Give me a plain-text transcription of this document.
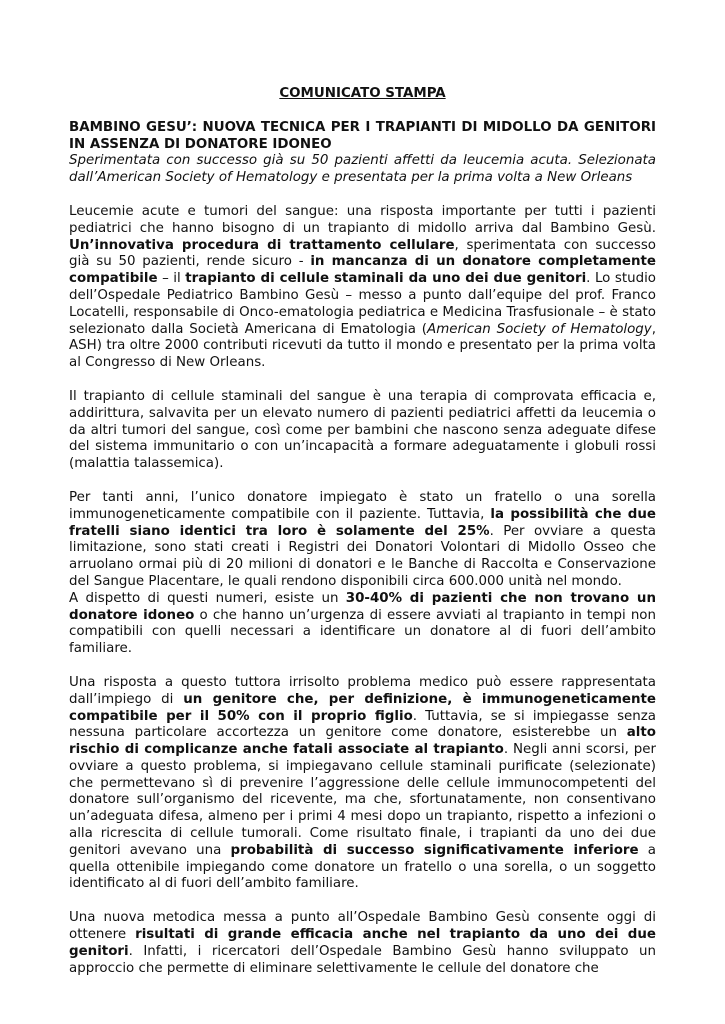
COMUNICATO STAMPA
BAMBINO GESU’: NUOVA TECNICA PER I TRAPIANTI DI MIDOLLO DA GENITORI IN ASSENZA DI DONATORE IDONEO
Sperimentata con successo già su 50 pazienti affetti da leucemia acuta. Selezionata dall’American Society of Hematology e presentata per la prima volta a New Orleans

Leucemie acute e tumori del sangue: una risposta importante per tutti i pazienti pediatrici che hanno bisogno di un trapianto di midollo arriva dal Bambino Gesù. Un’innovativa procedura di trattamento cellulare, sperimentata con successo già su 50 pazienti, rende sicuro - in mancanza di un donatore completamente compatibile – il trapianto di cellule staminali da uno dei due genitori. Lo studio dell’Ospedale Pediatrico Bambino Gesù – messo a punto dall’equipe del prof. Franco Locatelli, responsabile di Onco-ematologia pediatrica e Medicina Trasfusionale – è stato selezionato dalla Società Americana di Ematologia (American Society of Hematology, ASH) tra oltre 2000 contributi ricevuti da tutto il mondo e presentato per la prima volta al Congresso di New Orleans.

Il trapianto di cellule staminali del sangue è una terapia di comprovata efficacia e, addirittura, salvavita per un elevato numero di pazienti pediatrici affetti da leucemia o da altri tumori del sangue, così come per bambini che nascono senza adeguate difese del sistema immunitario o con un’incapacità a formare adeguatamente i globuli rossi (malattia talassemica).

Per tanti anni, l’unico donatore impiegato è stato un fratello o una sorella immunogeneticamente compatibile con il paziente. Tuttavia, la possibilità che due fratelli siano identici tra loro è solamente del 25%. Per ovviare a questa limitazione, sono stati creati i Registri dei Donatori Volontari di Midollo Osseo che arruolano ormai più di 20 milioni di donatori e le Banche di Raccolta e Conservazione del Sangue Placentare, le quali rendono disponibili circa 600.000 unità nel mondo.

A dispetto di questi numeri, esiste un 30-40% di pazienti che non trovano un donatore idoneo o che hanno un’urgenza di essere avviati al trapianto in tempi non compatibili con quelli necessari a identificare un donatore al di fuori dell’ambito familiare.

Una risposta a questo tuttora irrisolto problema medico può essere rappresentata dall’impiego di un genitore che, per definizione, è immunogeneticamente compatibile per il 50% con il proprio figlio. Tuttavia, se si impiegasse senza nessuna particolare accortezza un genitore come donatore, esisterebbe un alto rischio di complicanze anche fatali associate al trapianto. Negli anni scorsi, per ovviare a questo problema, si impiegavano cellule staminali purificate (selezionate) che permettevano sì di prevenire l’aggressione delle cellule immunocompetenti del donatore sull’organismo del ricevente, ma che, sfortunatamente, non consentivano un’adeguata difesa, almeno per i primi 4 mesi dopo un trapianto, rispetto a infezioni o alla ricrescita di cellule tumorali. Come risultato finale, i trapianti da uno dei due genitori avevano una probabilità di successo significativamente inferiore a quella ottenibile impiegando come donatore un fratello o una sorella, o un soggetto identificato al di fuori dell’ambito familiare.

Una nuova metodica messa a punto all’Ospedale Bambino Gesù consente oggi di ottenere risultati di grande efficacia anche nel trapianto da uno dei due genitori. Infatti, i ricercatori dell’Ospedale Bambino Gesù hanno sviluppato un approccio che permette di eliminare selettivamente le cellule del donatore che
